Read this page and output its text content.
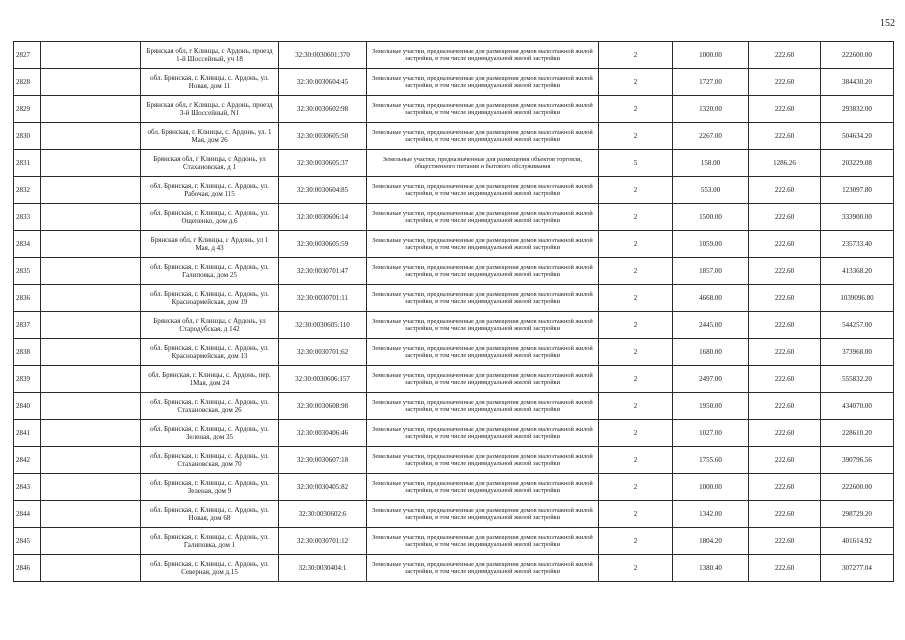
152
2827		Брянская обл, г Клинцы, с Ардонь, проезд 1-й Шоссейный, уч 18	32:30:0030601:370	Земельные участки, предназначенные для размещения домов малоэтажной жилой застройки, в том числе индивидуальной жилой застройки	2	1000.00	222.60	222600.00
2828		обл. Брянская, г. Клинцы, с. Ардонь, ул. Новая, дом 11	32:30:0030604:45	Земельные участки, предназначенные для размещения домов малоэтажной жилой застройки, в том числе индивидуальной жилой застройки	2	1727.00	222.60	384430.20
2829		Брянская обл, г Клинцы, с Ардонь, проезд 3-й Шоссейный, N1	32:30:0030602:98	Земельные участки, предназначенные для размещения домов малоэтажной жилой застройки, в том числе индивидуальной жилой застройки	2	1320.00	222.60	293832.00
2830		обл. Брянская, г. Клинцы, с. Ардонь, ул. 1 Мая, дом 26	32:30:0030605:50	Земельные участки, предназначенные для размещения домов малоэтажной жилой застройки, в том числе индивидуальной жилой застройки	2	2267.00	222.60	504634.20
2831		Брянская обл, г Клинцы, с Ардонь, ул Стахановская, д 1	32:30:0030605:37	Земельные участки, предназначенные для размещения объектов торговли, общественного питания и бытового обслуживания	5	158.00	1286.26	203229.08
2832		обл. Брянская, г. Клинцы, с. Ардонь, ул. Рабочая, дом 115	32:30:0030604:85	Земельные участки, предназначенные для размещения домов малоэтажной жилой застройки, в том числе индивидуальной жилой застройки	2	553.00	222.60	123097.80
2833		обл. Брянская, г. Клинцы, с. Ардонь, ул. Ощепенко, дом д.6	32:30:0030606:14	Земельные участки, предназначенные для размещения домов малоэтажной жилой застройки, в том числе индивидуальной жилой застройки	2	1500.00	222.60	333900.00
2834		Брянская обл, г Клинцы, с Ардонь, ул 1 Мая, д 43	32:30:0030605:59	Земельные участки, предназначенные для размещения домов малоэтажной жилой застройки, в том числе индивидуальной жилой застройки	2	1059.00	222.60	235733.40
2835		обл. Брянская, г. Клинцы, с. Ардонь, ул. Галиповка, дом 25	32:30:0030701:47	Земельные участки, предназначенные для размещения домов малоэтажной жилой застройки, в том числе индивидуальной жилой застройки	2	1857.00	222.60	413368.20
2836		обл. Брянская, г. Клинцы, с. Ардонь, ул. Красноармейская, дом 19	32:30:0030701:11	Земельные участки, предназначенные для размещения домов малоэтажной жилой застройки, в том числе индивидуальной жилой застройки	2	4668.00	222.60	1039096.80
2837		Брянская обл, г Клинцы, с Ардонь, ул Стародубская, д 142	32:30:0030605:110	Земельные участки, предназначенные для размещения домов малоэтажной жилой застройки, в том числе индивидуальной жилой застройки	2	2445.00	222.60	544257.00
2838		обл. Брянская, г. Клинцы, с. Ардонь, ул. Красноармейская, дом 13	32:30:0030701:62	Земельные участки, предназначенные для размещения домов малоэтажной жилой застройки, в том числе индивидуальной жилой застройки	2	1680.00	222.60	373968.00
2839		обл. Брянская, г. Клинцы, с. Ардонь, пер. 1Мая, дом 24	32:30:0030606:157	Земельные участки, предназначенные для размещения домов малоэтажной жилой застройки, в том числе индивидуальной жилой застройки	2	2497.00	222.60	555832.20
2840		обл. Брянская, г. Клинцы, с. Ардонь, ул. Стахановская, дом 26	32:30:0030608:98	Земельные участки, предназначенные для размещения домов малоэтажной жилой застройки, в том числе индивидуальной жилой застройки	2	1950.00	222.60	434070.00
2841		обл. Брянская, г. Клинцы, с. Ардонь, ул. Зеленая, дом 35	32:30:0030406:46	Земельные участки, предназначенные для размещения домов малоэтажной жилой застройки, в том числе индивидуальной жилой застройки	2	1027.00	222.60	228610.20
2842		обл. Брянская, г. Клинцы, с. Ардонь, ул. Стахановская, дом 70	32:30:0030607:18	Земельные участки, предназначенные для размещения домов малоэтажной жилой застройки, в том числе индивидуальной жилой застройки	2	1755.60	222.60	390796.56
2843		обл. Брянская, г. Клинцы, с. Ардонь, ул. Зеленая, дом 9	32:30:0030405:82	Земельные участки, предназначенные для размещения домов малоэтажной жилой застройки, в том числе индивидуальной жилой застройки	2	1000.00	222.60	222600.00
2844		обл. Брянская, г. Клинцы, с. Ардонь, ул. Новая, дом 68	32:30:0030602:6	Земельные участки, предназначенные для размещения домов малоэтажной жилой застройки, в том числе индивидуальной жилой застройки	2	1342.00	222.60	298729.20
2845		обл. Брянская, г. Клинцы, с. Ардонь, ул. Галиповка, дом 1	32:30:0030701:12	Земельные участки, предназначенные для размещения домов малоэтажной жилой застройки, в том числе индивидуальной жилой застройки	2	1804.20	222.60	401614.92
2846		обл. Брянская, г. Клинцы, с. Ардонь, ул. Северная, дом д.15	32:30:0030404:1	Земельные участки, предназначенные для размещения домов малоэтажной жилой застройки, в том числе индивидуальной жилой застройки	2	1380.40	222.60	307277.04
